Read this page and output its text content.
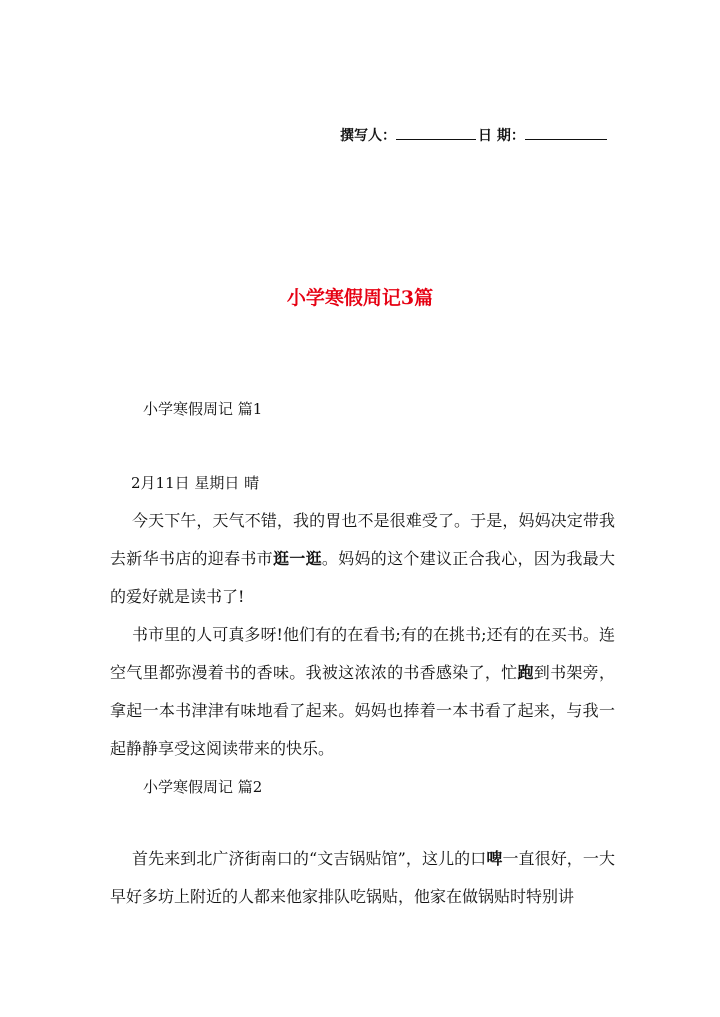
撰写人：	日 期：
小学寒假周记3篇
小学寒假周记 篇1
2月11日 星期日 晴

今天下午，天气不错，我的胃也不是很难受了。于是，妈妈决定带我去新华书店的迎春书市逛一逛。妈妈的这个建议正合我心，因为我最大的爱好就是读书了!

书市里的人可真多呀!他们有的在看书;有的在挑书;还有的在买书。连空气里都弥漫着书的香味。我被这浓浓的书香感染了，忙跑到书架旁，拿起一本书津津有味地看了起来。妈妈也捧着一本书看了起来，与我一起静静享受这阅读带来的快乐。

小学寒假周记 篇2

首先来到北广济街南口的“文吉锅贴馆”，这儿的口啤一直很好，一大早好多坊上附近的人都来他家排队吃锅贴，他家在做锅贴时特别讲
